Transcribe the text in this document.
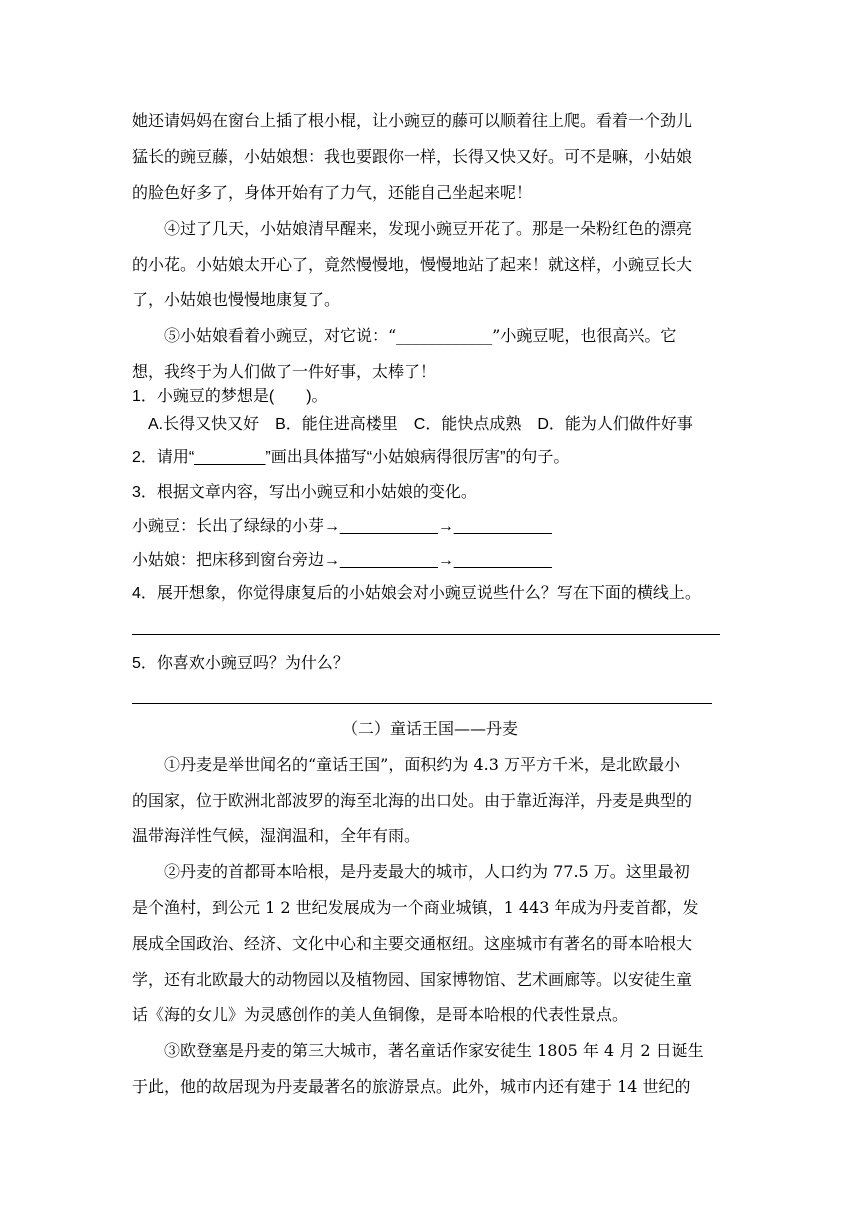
她还请妈妈在窗台上插了根小棍，让小豌豆的藤可以顺着往上爬。看着一个劲儿
猛长的豌豆藤，小姑娘想：我也要跟你一样，长得又快又好。可不是嘛，小姑娘
的脸色好多了，身体开始有了力气，还能自己坐起来呢！
④过了几天，小姑娘清早醒来，发现小豌豆开花了。那是一朵粉红色的漂亮
的小花。小姑娘太开心了，竟然慢慢地，慢慢地站了起来！就这样，小豌豆长大
了，小姑娘也慢慢地康复了。
⑤小姑娘看着小豌豆，对它说：“____________”小豌豆呢，也很高兴。它
想，我终于为人们做了一件好事，太棒了！
1．小豌豆的梦想是(　　)。
A.长得又快又好　B．能住进高楼里　C．能快点成熟　D．能为人们做件好事
2．请用“________”画出具体描写“小姑娘病得很厉害”的句子。
3．根据文章内容，写出小豌豆和小姑娘的变化。
小豌豆：长出了绿绿的小芽→___________→___________
小姑娘：把床移到窗台旁边→___________→___________
4．展开想象，你觉得康复后的小姑娘会对小豌豆说些什么？写在下面的横线上。
5．你喜欢小豌豆吗？为什么？
（二）童话王国——丹麦
①丹麦是举世闻名的“童话王国”，面积约为 4.3 万平方千米，是北欧最小
的国家，位于欧洲北部波罗的海至北海的出口处。由于靠近海洋，丹麦是典型的
温带海洋性气候，湿润温和，全年有雨。
②丹麦的首都哥本哈根，是丹麦最大的城市，人口约为 77.5 万。这里最初
是个渔村，到公元 1 2 世纪发展成为一个商业城镇，1 443 年成为丹麦首都，发
展成全国政治、经济、文化中心和主要交通枢纽。这座城市有著名的哥本哈根大
学，还有北欧最大的动物园以及植物园、国家博物馆、艺术画廊等。以安徒生童
话《海的女儿》为灵感创作的美人鱼铜像，是哥本哈根的代表性景点。
③欧登塞是丹麦的第三大城市，著名童话作家安徒生 1805 年 4 月 2 日诞生
于此，他的故居现为丹麦最著名的旅游景点。此外，城市内还有建于 14 世纪的
